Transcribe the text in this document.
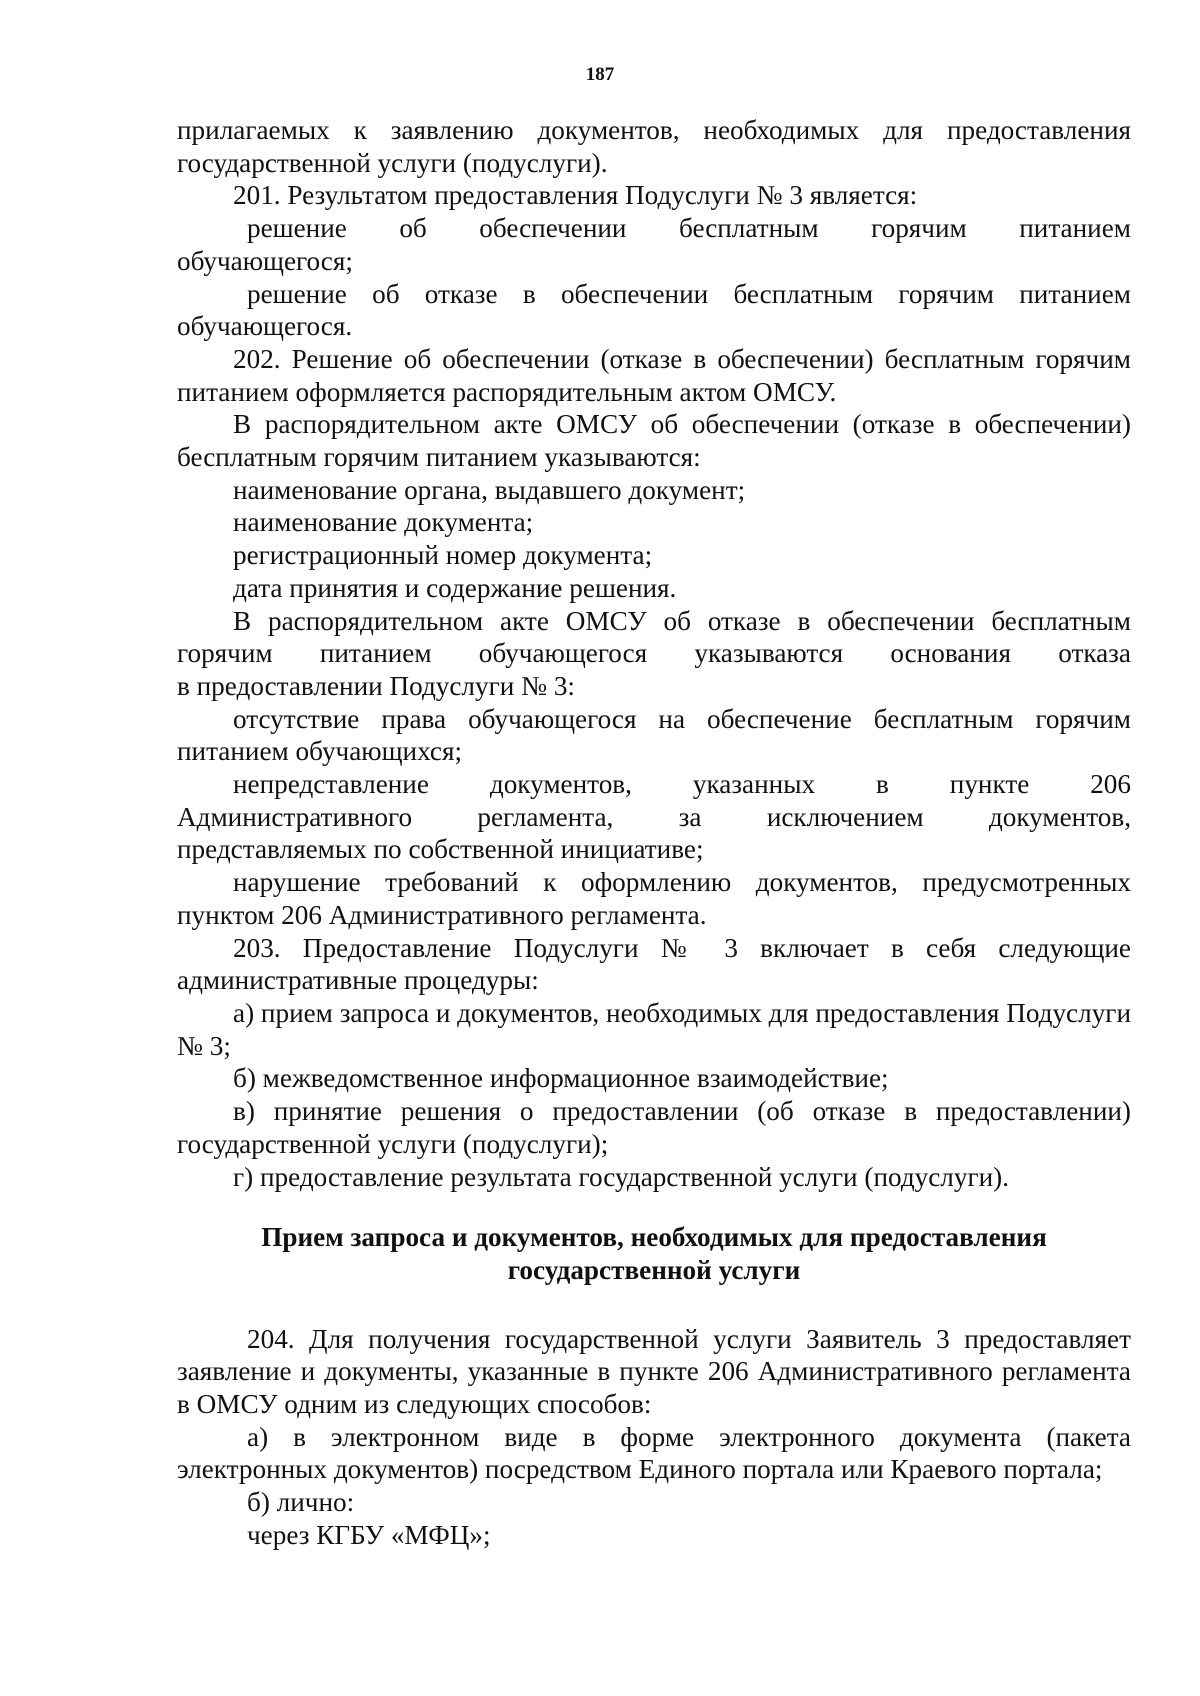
187

прилагаемых к заявлению документов, необходимых для предоставления

государственной услуги (подуслуги).

201. Результатом предоставления Подуслуги № 3 является:

решение об обеспечении бесплатным горячим питанием

обучающегося;

решение об отказе в обеспечении бесплатным горячим питанием

обучающегося.

202. Решение об обеспечении (отказе в обеспечении) бесплатным горячим питанием оформляется распорядительным актом ОМСУ.

В распорядительном акте ОМСУ об обеспечении (отказе в обеспечении) бесплатным горячим питанием указываются:

наименование органа, выдавшего документ;

наименование документа;

регистрационный номер документа;

дата принятия и содержание решения.

В распорядительном акте ОМСУ об отказе в обеспечении бесплатным

горячим питанием обучающегося указываются основания отказа

в предоставлении Подуслуги № 3:

отсутствие права обучающегося на обеспечение бесплатным горячим питанием обучающихся;

непредставление документов, указанных в пункте 206

Административного регламента, за исключением документов,

представляемых по собственной инициативе;

нарушение требований к оформлению документов, предусмотренных пунктом 206 Административного регламента.

203. Предоставление Подуслуги № 3 включает в себя следующие административные процедуры:

а) прием запроса и документов, необходимых для предоставления Подуслуги № 3;

б) межведомственное информационное взаимодействие;

в) принятие решения о предоставлении (об отказе в предоставлении) государственной услуги (подуслуги);

г) предоставление результата государственной услуги (подуслуги).

Прием запроса и документов, необходимых для предоставления

государственной услуги

204. Для получения государственной услуги Заявитель 3 предоставляет заявление и документы, указанные в пункте 206 Административного регламента в ОМСУ одним из следующих способов:

а) в электронном виде в форме электронного документа (пакета электронных документов) посредством Единого портала или Краевого портала;

б) лично:

через КГБУ «МФЦ»;
